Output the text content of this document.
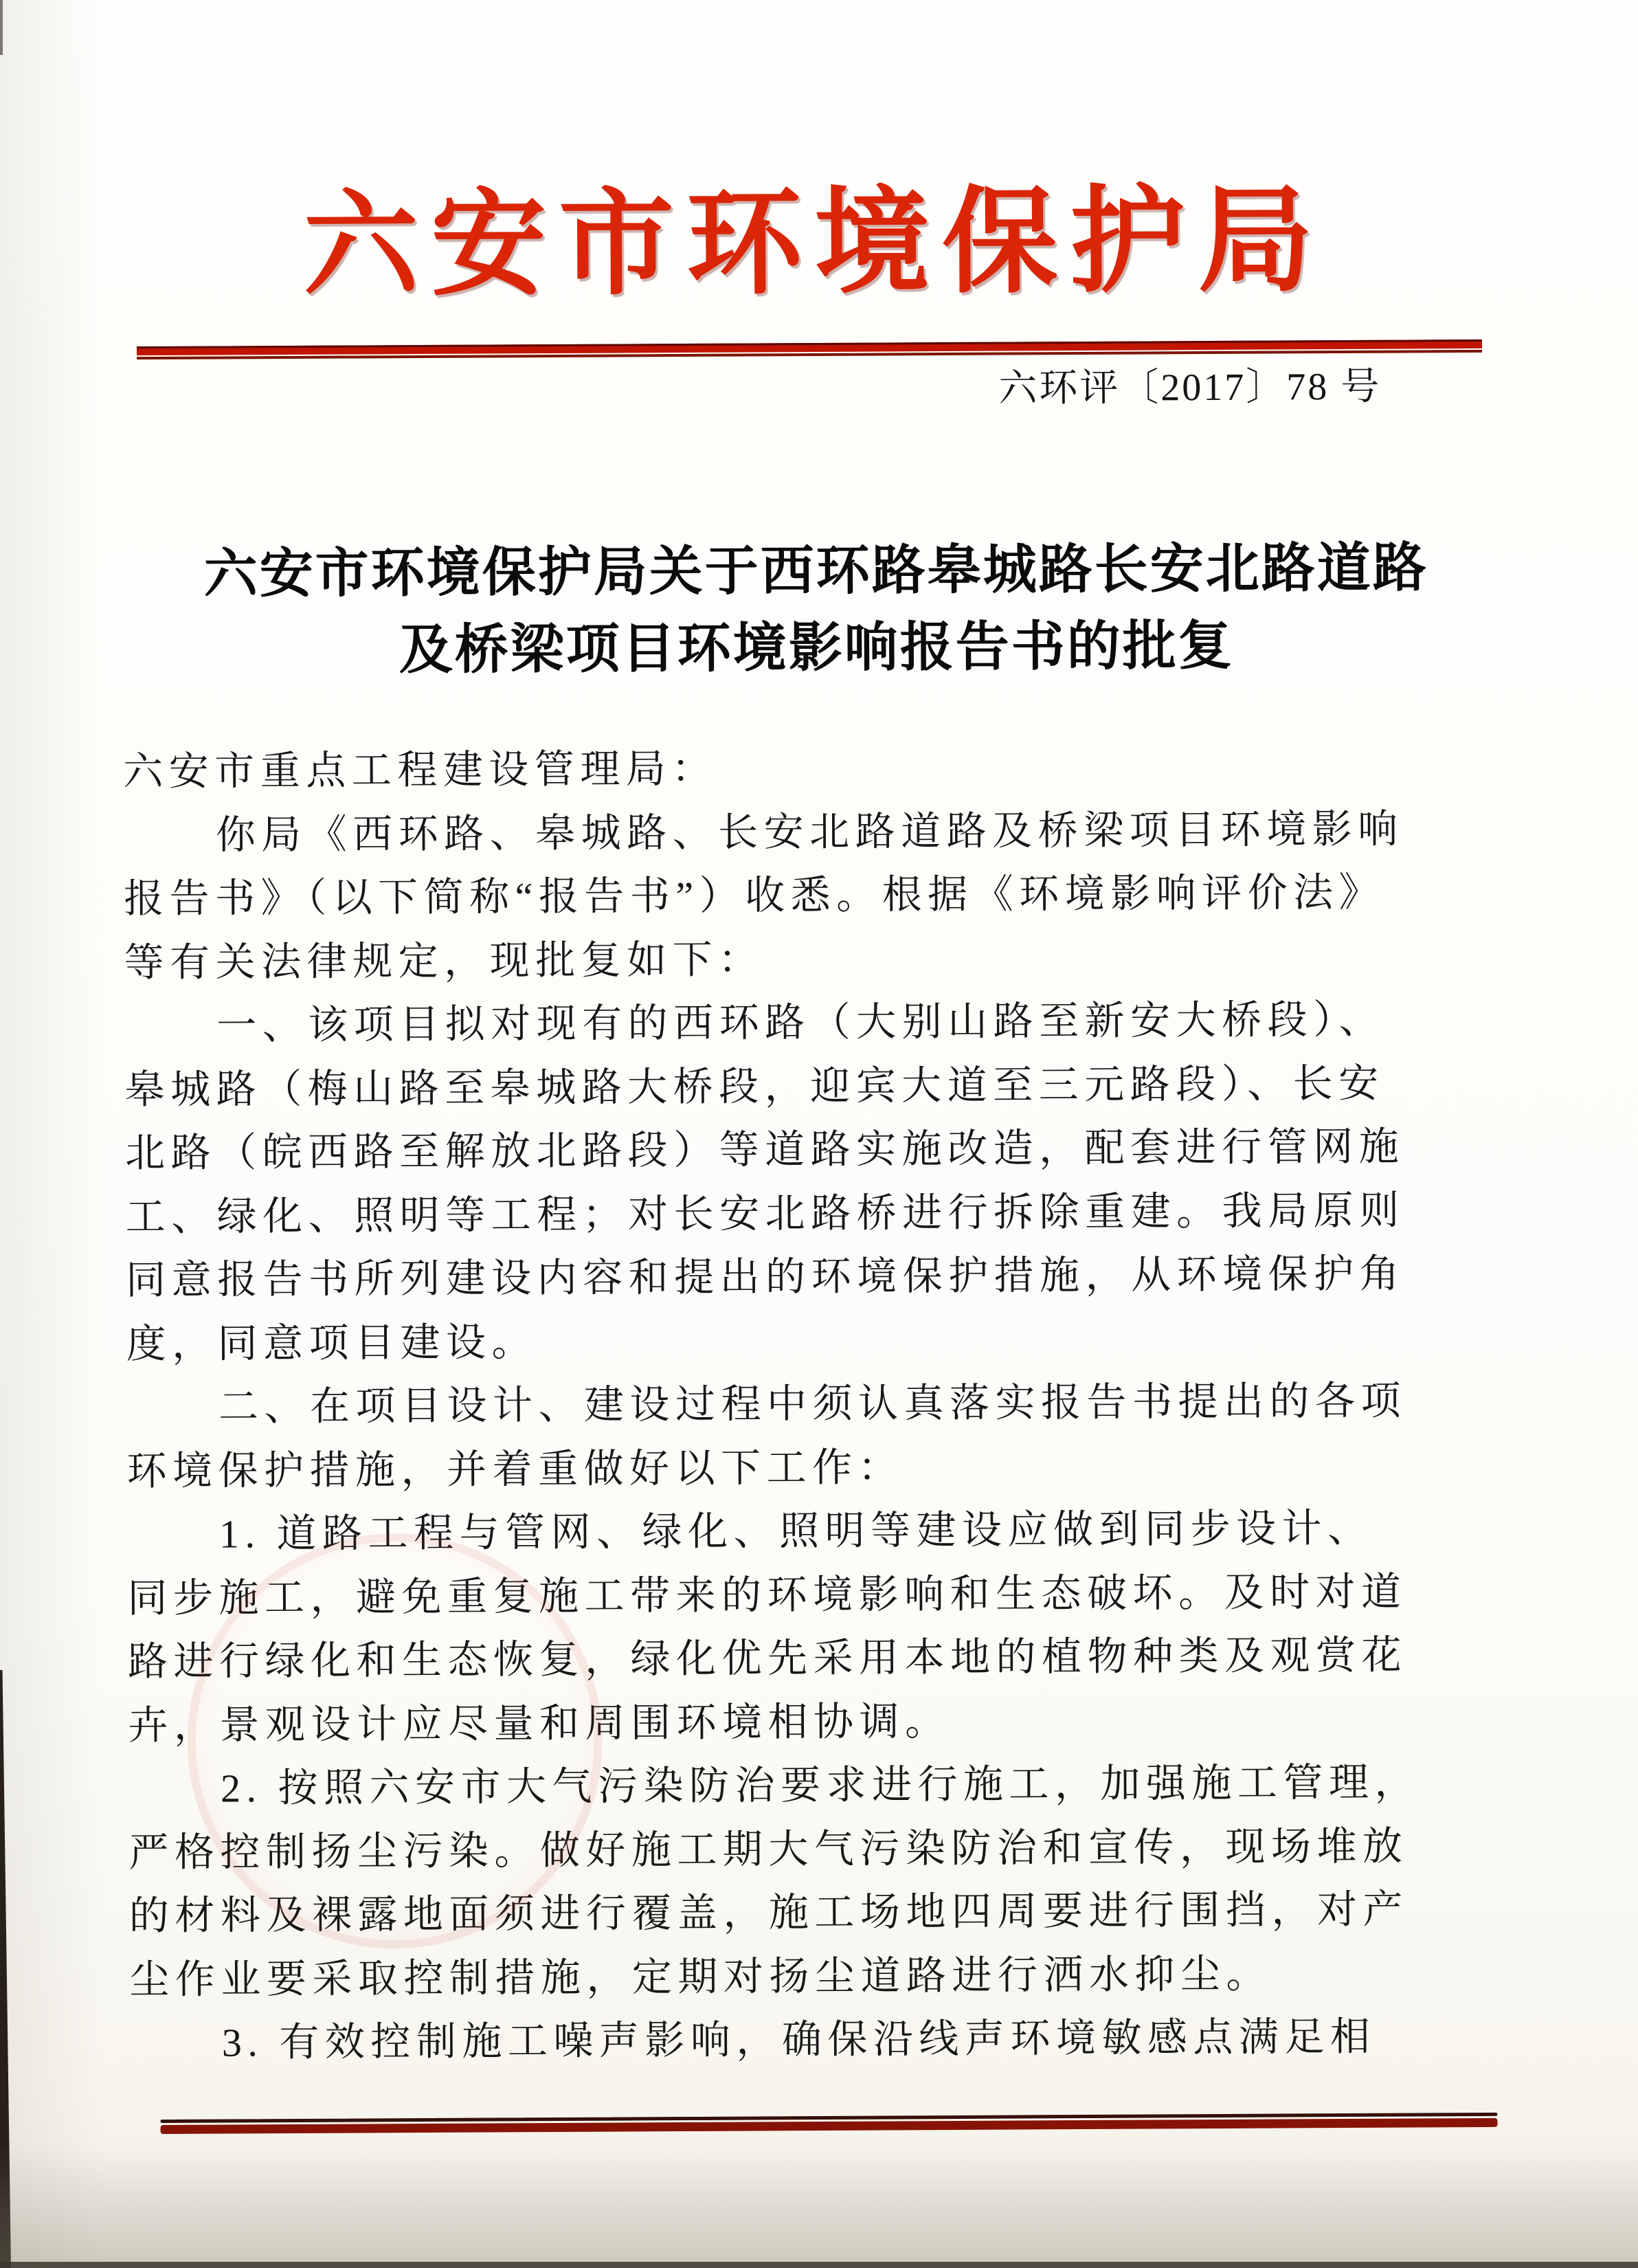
六安市环境保护局
六环评〔2017〕78 号
六安市环境保护局关于西环路皋城路长安北路道路
及桥梁项目环境影响报告书的批复
六安市重点工程建设管理局：
你局《西环路、皋城路、长安北路道路及桥梁项目环境影响
报告书》（以下简称“报告书”）收悉。根据《环境影响评价法》
等有关法律规定，现批复如下：
一、该项目拟对现有的西环路（大别山路至新安大桥段）、
皋城路（梅山路至皋城路大桥段，迎宾大道至三元路段）、长安
北路（皖西路至解放北路段）等道路实施改造，配套进行管网施
工、绿化、照明等工程；对长安北路桥进行拆除重建。我局原则
同意报告书所列建设内容和提出的环境保护措施，从环境保护角
度，同意项目建设。
二、在项目设计、建设过程中须认真落实报告书提出的各项
环境保护措施，并着重做好以下工作：
1. 道路工程与管网、绿化、照明等建设应做到同步设计、
同步施工，避免重复施工带来的环境影响和生态破坏。及时对道
路进行绿化和生态恢复，绿化优先采用本地的植物种类及观赏花
卉，景观设计应尽量和周围环境相协调。
2. 按照六安市大气污染防治要求进行施工，加强施工管理，
严格控制扬尘污染。做好施工期大气污染防治和宣传，现场堆放
的材料及裸露地面须进行覆盖，施工场地四周要进行围挡，对产
尘作业要采取控制措施，定期对扬尘道路进行洒水抑尘。
3. 有效控制施工噪声影响，确保沿线声环境敏感点满足相
